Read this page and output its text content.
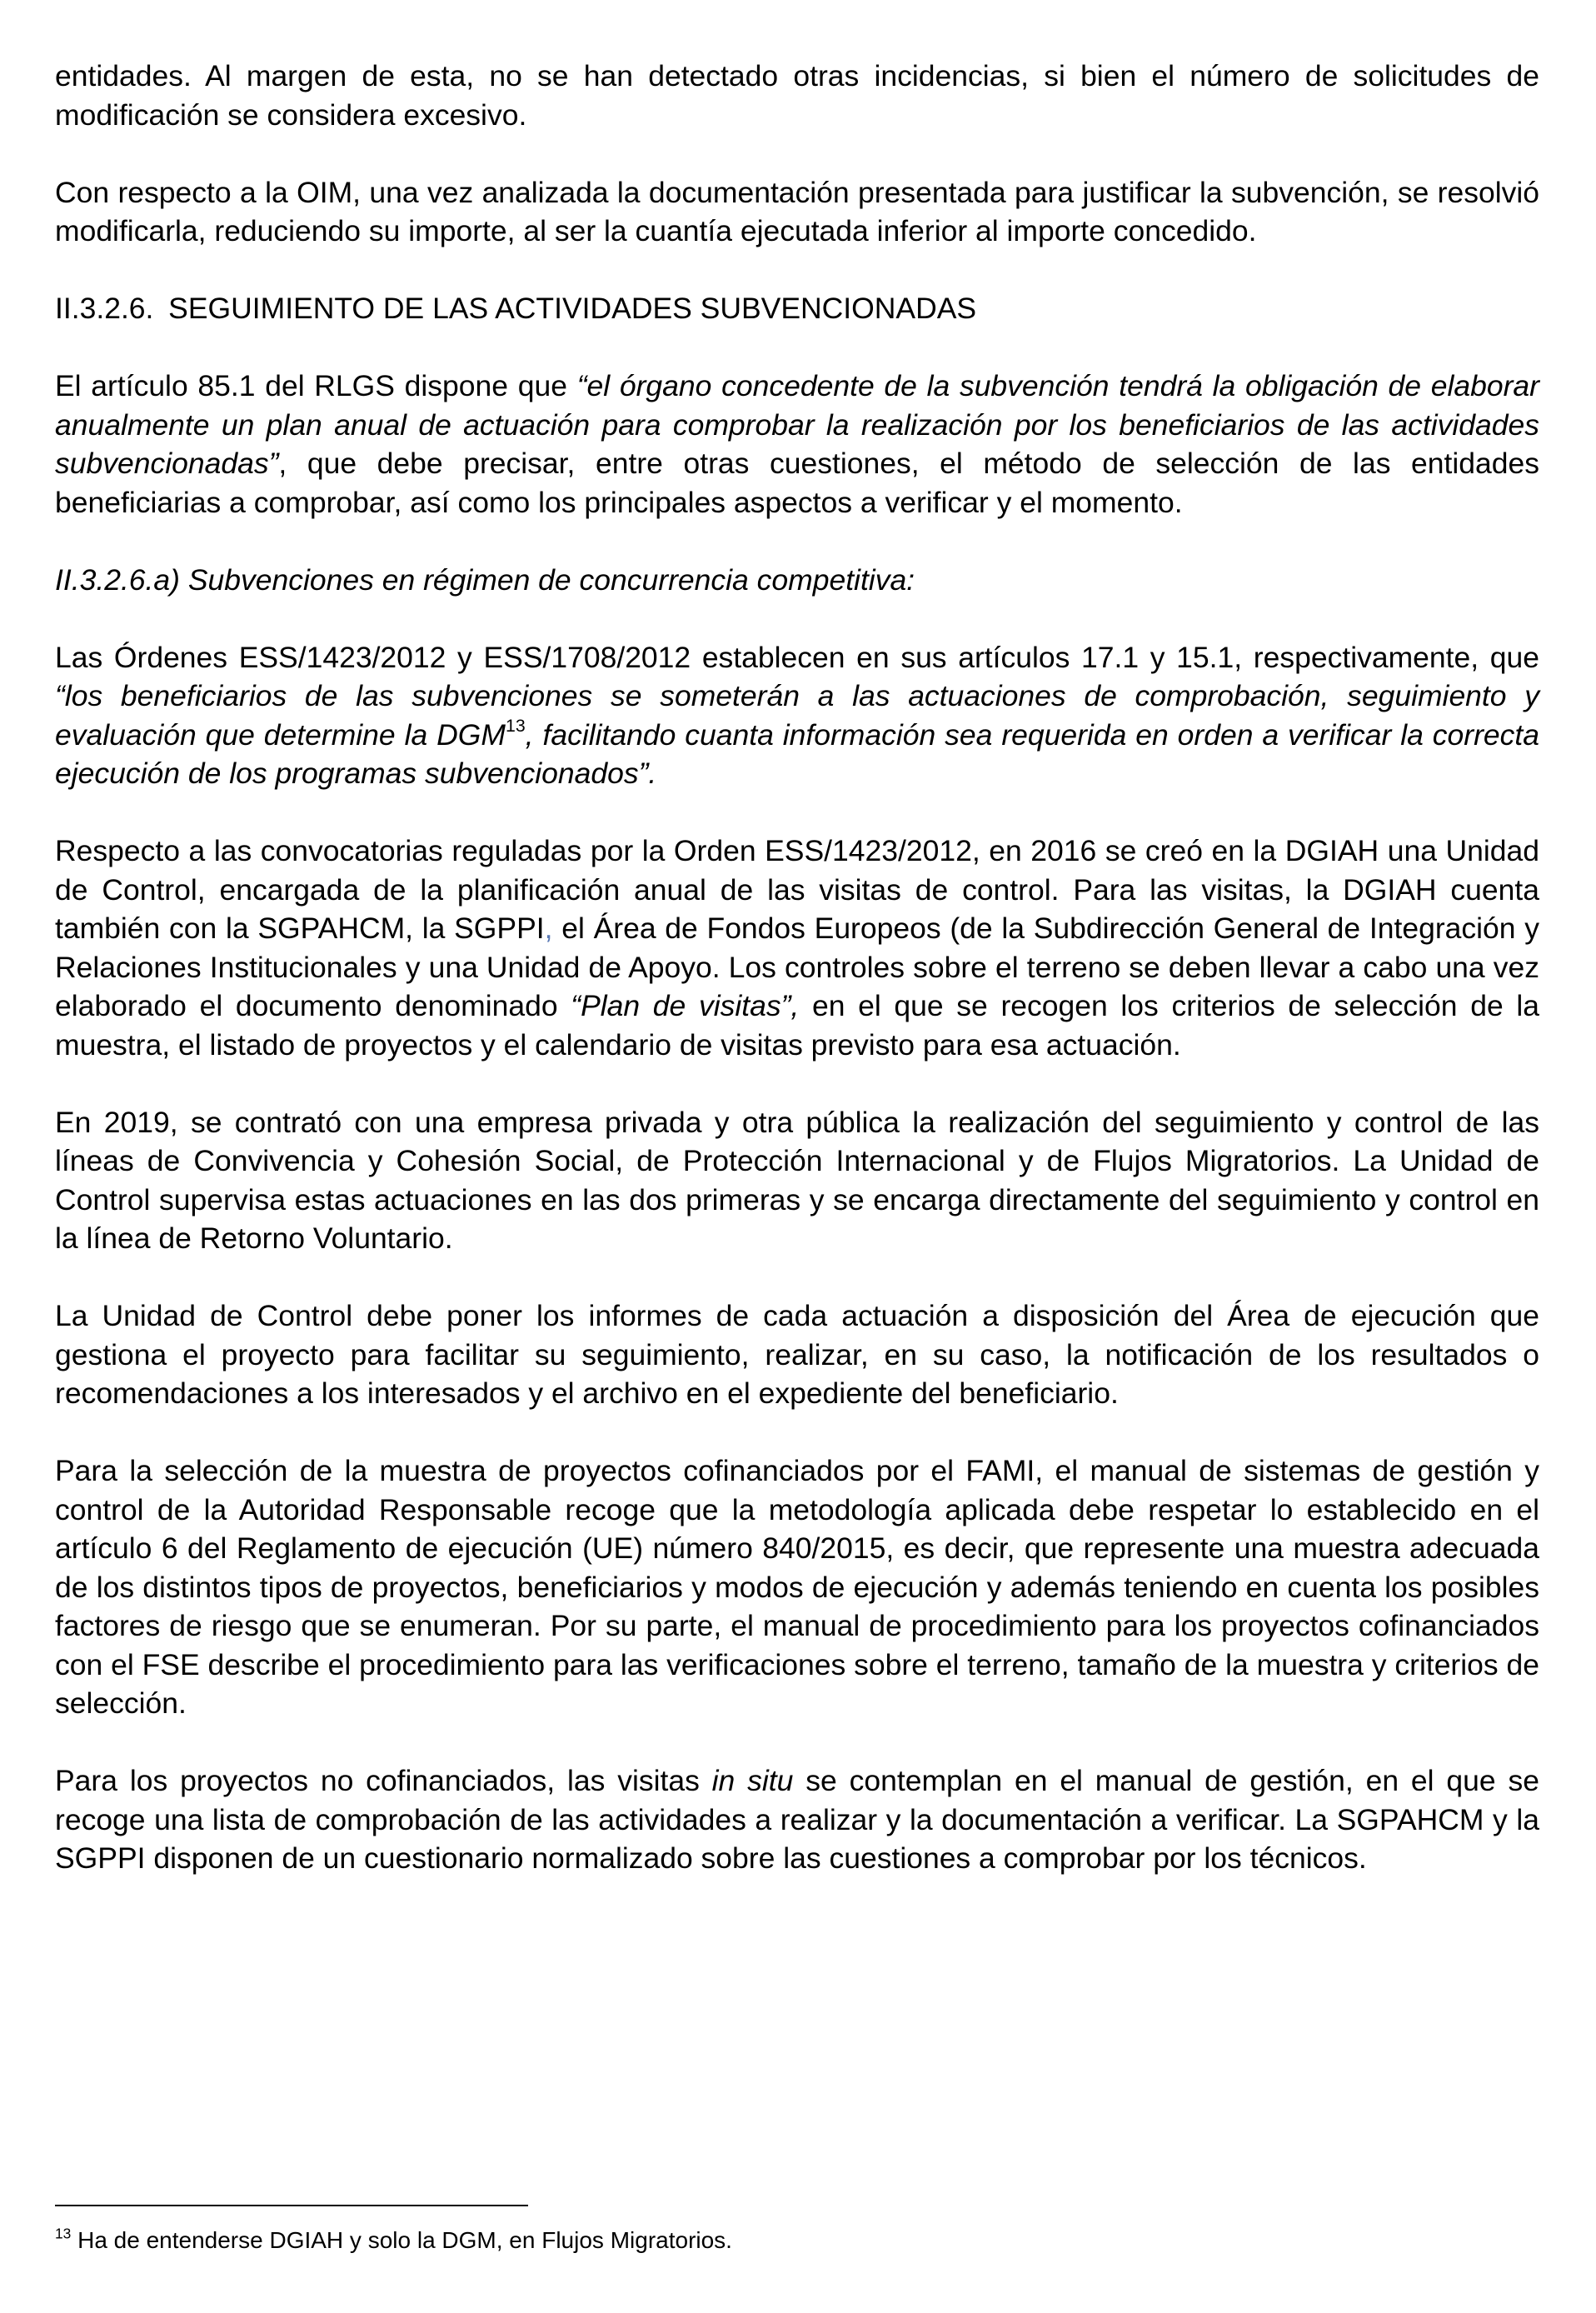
entidades. Al margen de esta, no se han detectado otras incidencias, si bien el número de solicitudes de modificación se considera excesivo.

Con respecto a la OIM, una vez analizada la documentación presentada para justificar la subvención, se resolvió modificarla, reduciendo su importe, al ser la cuantía ejecutada inferior al importe concedido.

II.3.2.6. SEGUIMIENTO DE LAS ACTIVIDADES SUBVENCIONADAS

El artículo 85.1 del RLGS dispone que “el órgano concedente de la subvención tendrá la obligación de elaborar anualmente un plan anual de actuación para comprobar la realización por los beneficiarios de las actividades subvencionadas”, que debe precisar, entre otras cuestiones, el método de selección de las entidades beneficiarias a comprobar, así como los principales aspectos a verificar y el momento.

II.3.2.6.a) Subvenciones en régimen de concurrencia competitiva:

Las Órdenes ESS/1423/2012 y ESS/1708/2012 establecen en sus artículos 17.1 y 15.1, respectivamente, que “los beneficiarios de las subvenciones se someterán a las actuaciones de comprobación, seguimiento y evaluación que determine la DGM$^{13}$, facilitando cuanta información sea requerida en orden a verificar la correcta ejecución de los programas subvencionados”.

Respecto a las convocatorias reguladas por la Orden ESS/1423/2012, en 2016 se creó en la DGIAH una Unidad de Control, encargada de la planificación anual de las visitas de control. Para las visitas, la DGIAH cuenta también con la SGPAHCM, la SGPPI, el Área de Fondos Europeos (de la Subdirección General de Integración y Relaciones Institucionales y una Unidad de Apoyo. Los controles sobre el terreno se deben llevar a cabo una vez elaborado el documento denominado “Plan de visitas”, en el que se recogen los criterios de selección de la muestra, el listado de proyectos y el calendario de visitas previsto para esa actuación.

En 2019, se contrató con una empresa privada y otra pública la realización del seguimiento y control de las líneas de Convivencia y Cohesión Social, de Protección Internacional y de Flujos Migratorios. La Unidad de Control supervisa estas actuaciones en las dos primeras y se encarga directamente del seguimiento y control en la línea de Retorno Voluntario.

La Unidad de Control debe poner los informes de cada actuación a disposición del Área de ejecución que gestiona el proyecto para facilitar su seguimiento, realizar, en su caso, la notificación de los resultados o recomendaciones a los interesados y el archivo en el expediente del beneficiario.

Para la selección de la muestra de proyectos cofinanciados por el FAMI, el manual de sistemas de gestión y control de la Autoridad Responsable recoge que la metodología aplicada debe respetar lo establecido en el artículo 6 del Reglamento de ejecución (UE) número 840/2015, es decir, que represente una muestra adecuada de los distintos tipos de proyectos, beneficiarios y modos de ejecución y además teniendo en cuenta los posibles factores de riesgo que se enumeran. Por su parte, el manual de procedimiento para los proyectos cofinanciados con el FSE describe el procedimiento para las verificaciones sobre el terreno, tamaño de la muestra y criterios de selección.

Para los proyectos no cofinanciados, las visitas in situ se contemplan en el manual de gestión, en el que se recoge una lista de comprobación de las actividades a realizar y la documentación a verificar. La SGPAHCM y la SGPPI disponen de un cuestionario normalizado sobre las cuestiones a comprobar por los técnicos.

$^{13}$ Ha de entenderse DGIAH y solo la DGM, en Flujos Migratorios.
